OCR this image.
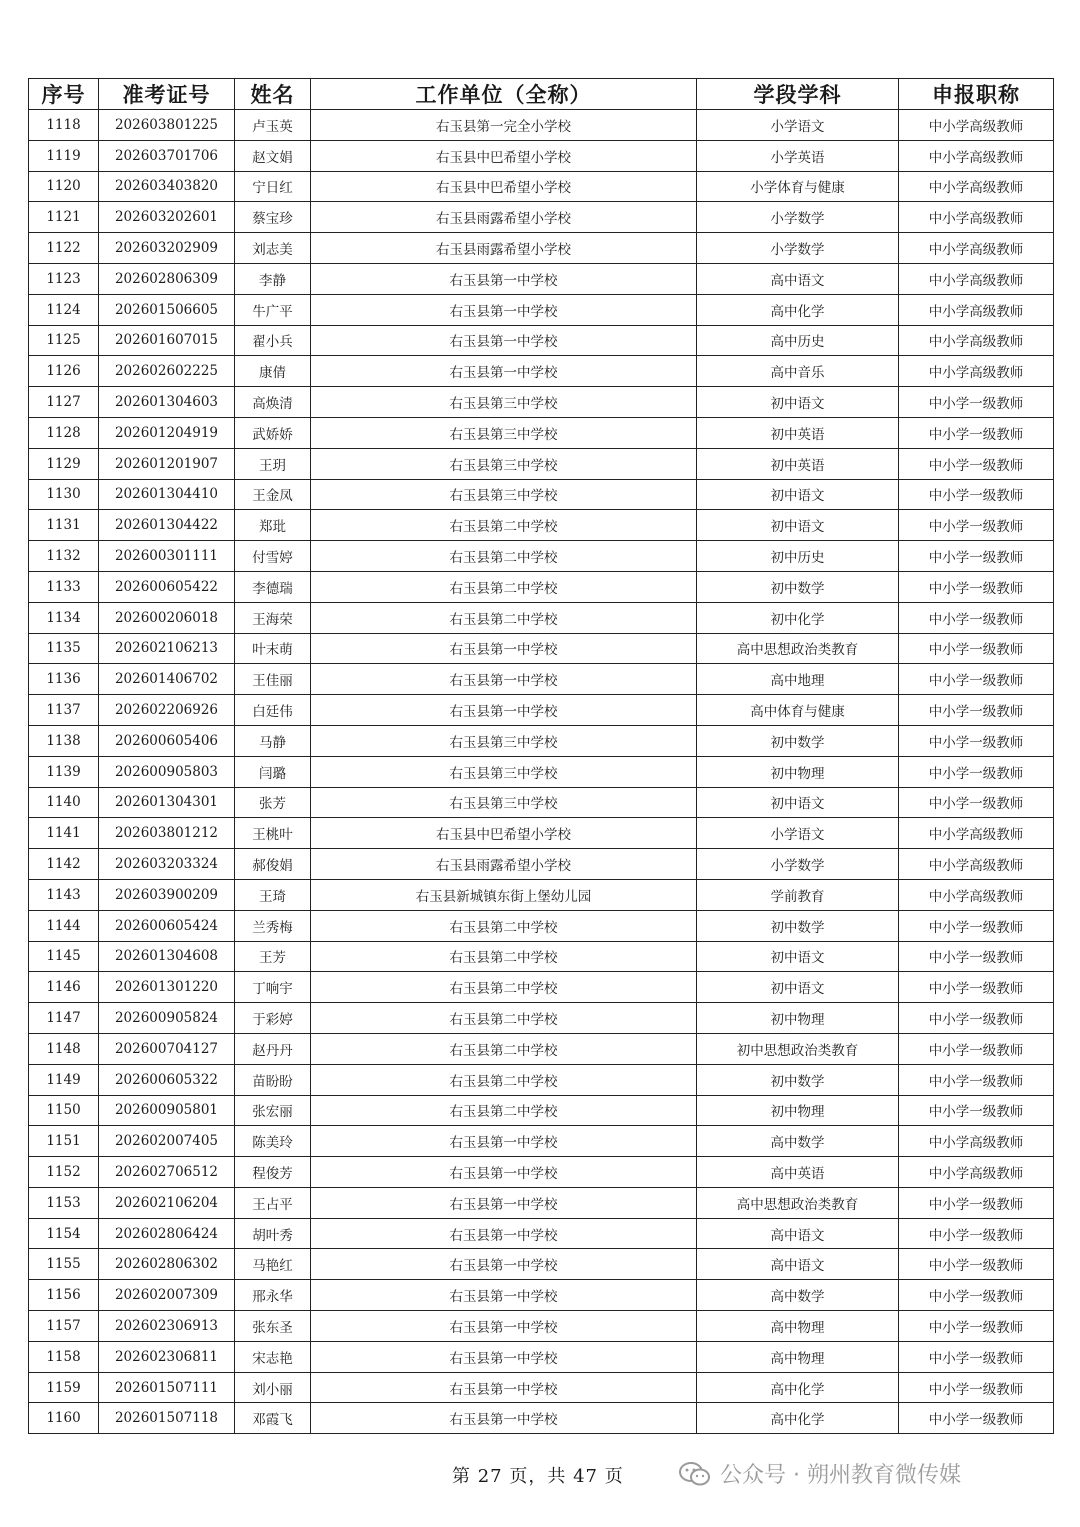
序号	准考证号	姓名	工作单位（全称）	学段学科	申报职称
1118	202603801225	卢玉英	右玉县第一完全小学校	小学语文	中小学高级教师
1119	202603701706	赵文娟	右玉县中巴希望小学校	小学英语	中小学高级教师
1120	202603403820	宁日红	右玉县中巴希望小学校	小学体育与健康	中小学高级教师
1121	202603202601	蔡宝珍	右玉县雨露希望小学校	小学数学	中小学高级教师
1122	202603202909	刘志美	右玉县雨露希望小学校	小学数学	中小学高级教师
1123	202602806309	李静	右玉县第一中学校	高中语文	中小学高级教师
1124	202601506605	牛广平	右玉县第一中学校	高中化学	中小学高级教师
1125	202601607015	翟小兵	右玉县第一中学校	高中历史	中小学高级教师
1126	202602602225	康倩	右玉县第一中学校	高中音乐	中小学高级教师
1127	202601304603	高焕清	右玉县第三中学校	初中语文	中小学一级教师
1128	202601204919	武娇娇	右玉县第三中学校	初中英语	中小学一级教师
1129	202601201907	王玥	右玉县第三中学校	初中英语	中小学一级教师
1130	202601304410	王金凤	右玉县第三中学校	初中语文	中小学一级教师
1131	202601304422	郑玭	右玉县第二中学校	初中语文	中小学一级教师
1132	202600301111	付雪婷	右玉县第二中学校	初中历史	中小学一级教师
1133	202600605422	李德瑞	右玉县第二中学校	初中数学	中小学一级教师
1134	202600206018	王海荣	右玉县第二中学校	初中化学	中小学一级教师
1135	202602106213	叶末萌	右玉县第一中学校	高中思想政治类教育	中小学一级教师
1136	202601406702	王佳丽	右玉县第一中学校	高中地理	中小学一级教师
1137	202602206926	白廷伟	右玉县第一中学校	高中体育与健康	中小学一级教师
1138	202600605406	马静	右玉县第三中学校	初中数学	中小学一级教师
1139	202600905803	闫璐	右玉县第三中学校	初中物理	中小学一级教师
1140	202601304301	张芳	右玉县第三中学校	初中语文	中小学一级教师
1141	202603801212	王桃叶	右玉县中巴希望小学校	小学语文	中小学高级教师
1142	202603203324	郝俊娟	右玉县雨露希望小学校	小学数学	中小学高级教师
1143	202603900209	王琦	右玉县新城镇东街上堡幼儿园	学前教育	中小学高级教师
1144	202600605424	兰秀梅	右玉县第二中学校	初中数学	中小学一级教师
1145	202601304608	王芳	右玉县第二中学校	初中语文	中小学一级教师
1146	202601301220	丁响宇	右玉县第二中学校	初中语文	中小学一级教师
1147	202600905824	于彩婷	右玉县第二中学校	初中物理	中小学一级教师
1148	202600704127	赵丹丹	右玉县第二中学校	初中思想政治类教育	中小学一级教师
1149	202600605322	苗盼盼	右玉县第二中学校	初中数学	中小学一级教师
1150	202600905801	张宏丽	右玉县第二中学校	初中物理	中小学一级教师
1151	202602007405	陈美玲	右玉县第一中学校	高中数学	中小学高级教师
1152	202602706512	程俊芳	右玉县第一中学校	高中英语	中小学高级教师
1153	202602106204	王占平	右玉县第一中学校	高中思想政治类教育	中小学一级教师
1154	202602806424	胡叶秀	右玉县第一中学校	高中语文	中小学一级教师
1155	202602806302	马艳红	右玉县第一中学校	高中语文	中小学一级教师
1156	202602007309	邢永华	右玉县第一中学校	高中数学	中小学一级教师
1157	202602306913	张东圣	右玉县第一中学校	高中物理	中小学一级教师
1158	202602306811	宋志艳	右玉县第一中学校	高中物理	中小学一级教师
1159	202601507111	刘小丽	右玉县第一中学校	高中化学	中小学一级教师
1160	202601507118	邓霞飞	右玉县第一中学校	高中化学	中小学一级教师
第 27 页，共 47 页	公众号 · 朔州教育微传媒
